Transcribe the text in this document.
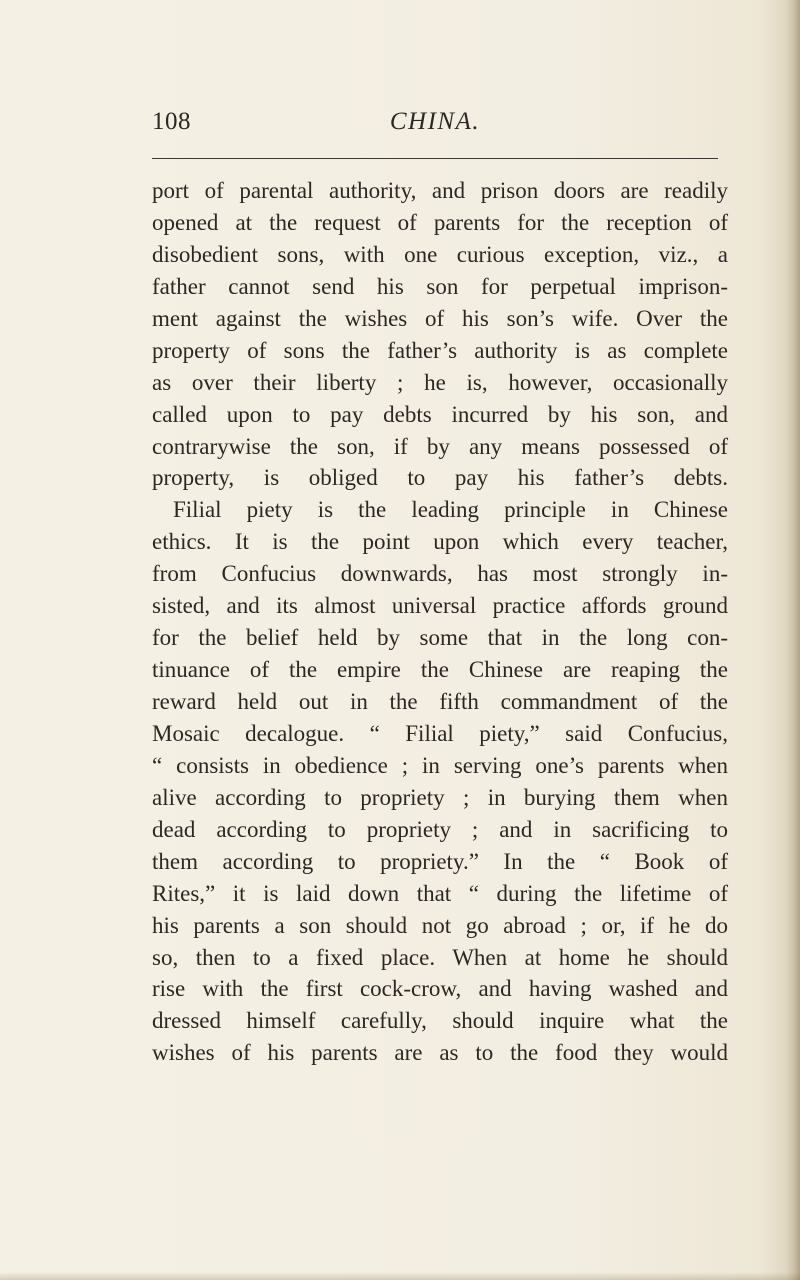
108	CHINA.
port of parental authority, and prison doors are readily
opened at the request of parents for the reception of
disobedient sons, with one curious exception, viz., a
father cannot send his son for perpetual imprison-
ment against the wishes of his son’s wife. Over the
property of sons the father’s authority is as complete
as over their liberty ; he is, however, occasionally
called upon to pay debts incurred by his son, and
contrarywise the son, if by any means possessed of
property, is obliged to pay his father’s debts.
Filial piety is the leading principle in Chinese
ethics. It is the point upon which every teacher,
from Confucius downwards, has most strongly in-
sisted, and its almost universal practice affords ground
for the belief held by some that in the long con-
tinuance of the empire the Chinese are reaping the
reward held out in the fifth commandment of the
Mosaic decalogue. “ Filial piety,” said Confucius,
“ consists in obedience ; in serving one’s parents when
alive according to propriety ; in burying them when
dead according to propriety ; and in sacrificing to
them according to propriety.” In the “ Book of
Rites,” it is laid down that “ during the lifetime of
his parents a son should not go abroad ; or, if he do
so, then to a fixed place. When at home he should
rise with the first cock-crow, and having washed and
dressed himself carefully, should inquire what the
wishes of his parents are as to the food they would
